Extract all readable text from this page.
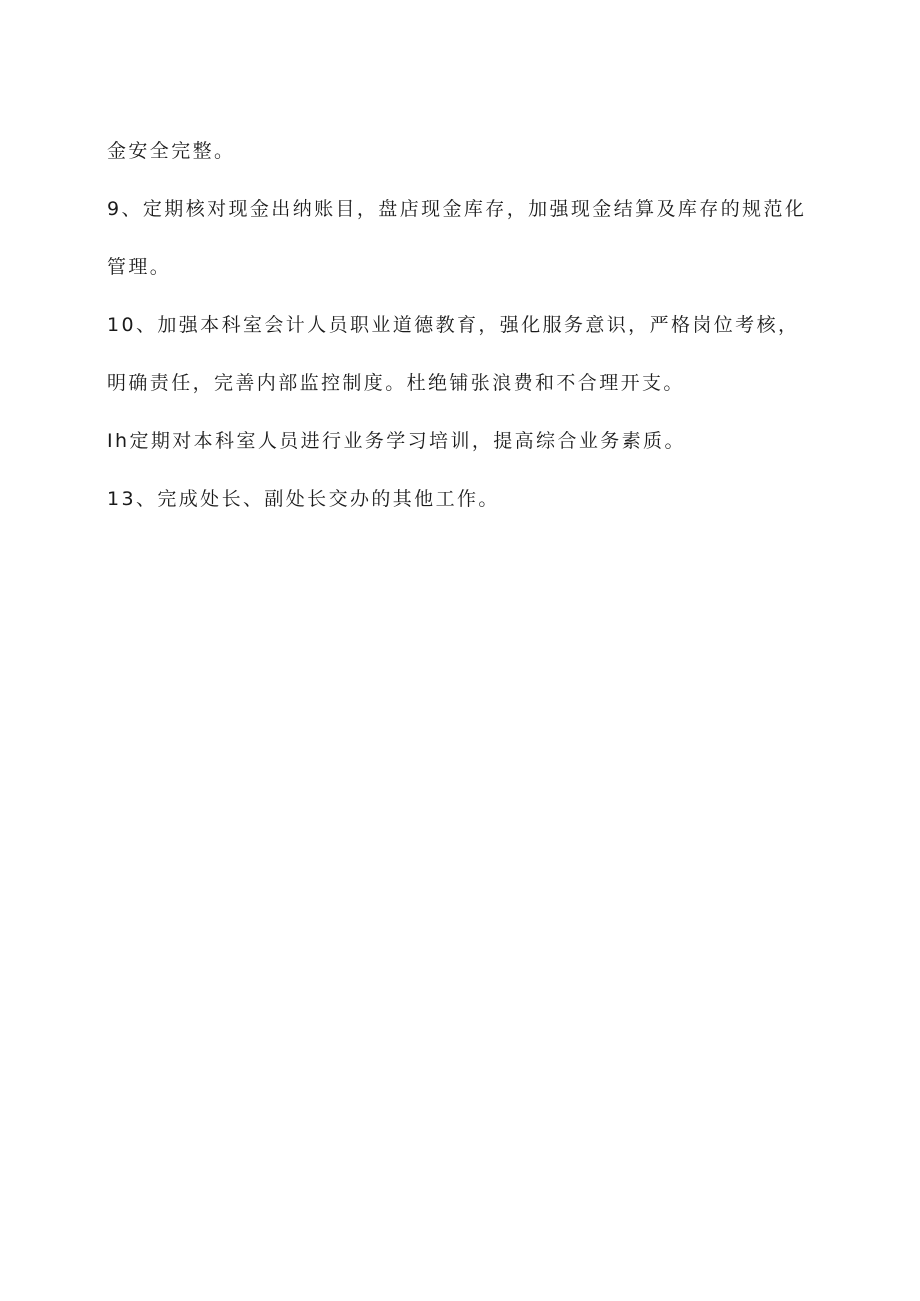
金安全完整。

9、定期核对现金出纳账目，盘店现金库存，加强现金结算及库存的规范化管理。

10、加强本科室会计人员职业道德教育，强化服务意识，严格岗位考核，明确责任，完善内部监控制度。杜绝铺张浪费和不合理开支。

Ih定期对本科室人员进行业务学习培训，提高综合业务素质。

13、完成处长、副处长交办的其他工作。
